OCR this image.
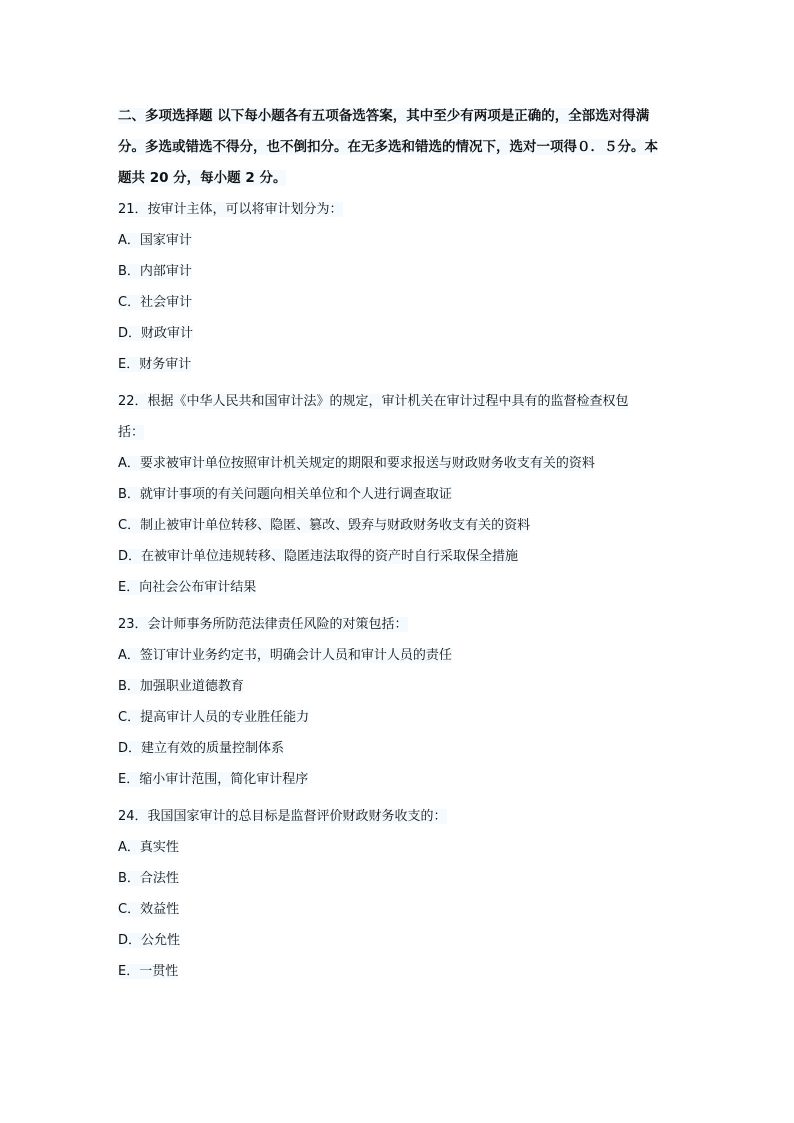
二、多项选择题 以下每小题各有五项备选答案，其中至少有两项是正确的，全部选对得满
分。多选或错选不得分，也不倒扣分。在无多选和错选的情况下，选对一项得０．５分。本
题共 20 分，每小题 2 分。
21．按审计主体，可以将审计划分为：
A．国家审计
B．内部审计
C．社会审计
D．财政审计
E．财务审计
22．根据《中华人民共和国审计法》的规定，审计机关在审计过程中具有的监督检查权包
括：
A．要求被审计单位按照审计机关规定的期限和要求报送与财政财务收支有关的资料
B．就审计事项的有关问题向相关单位和个人进行调查取证
C．制止被审计单位转移、隐匿、篡改、毁弃与财政财务收支有关的资料
D．在被审计单位违规转移、隐匿违法取得的资产时自行采取保全措施
E．向社会公布审计结果
23．会计师事务所防范法律责任风险的对策包括：
A．签订审计业务约定书，明确会计人员和审计人员的责任
B．加强职业道德教育
C．提高审计人员的专业胜任能力
D．建立有效的质量控制体系
E．缩小审计范围，简化审计程序
24．我国国家审计的总目标是监督评价财政财务收支的：
A．真实性
B．合法性
C．效益性
D．公允性
E．一贯性
